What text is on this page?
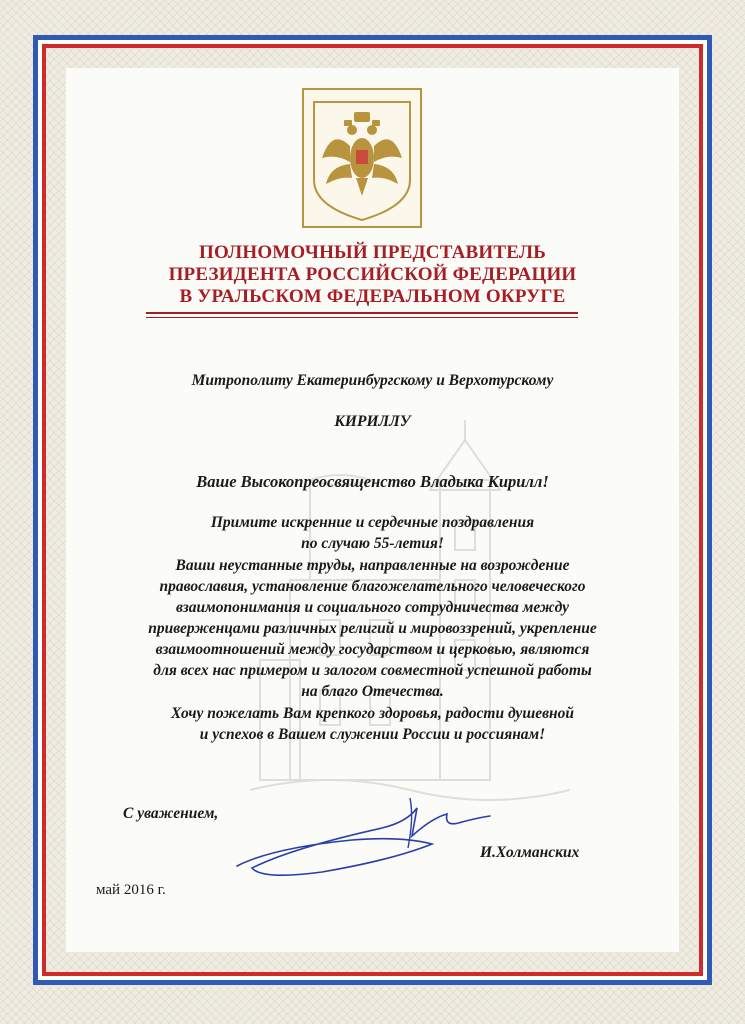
ПОЛНОМОЧНЫЙ ПРЕДСТАВИТЕЛЬ
ПРЕЗИДЕНТА РОССИЙСКОЙ ФЕДЕРАЦИИ
В УРАЛЬСКОМ ФЕДЕРАЛЬНОМ ОКРУГЕ
Митрополиту Екатеринбургскому и Верхотурскому
КИРИЛЛУ
Ваше Высокопреосвященство Владыка Кирилл!
Примите искренние и сердечные поздравления
по случаю 55-летия!
Ваши неустанные труды, направленные на возрождение
православия, установление благожелательного человеческого
взаимопонимания и социального сотрудничества между
приверженцами различных религий и мировоззрений, укрепление
взаимоотношений между государством и церковью, являются
для всех нас примером и залогом совместной успешной работы
на благо Отечества.
Хочу пожелать Вам крепкого здоровья, радости душевной
и успехов в Вашем служении России и россиянам!
С уважением,
И.Холманских
май 2016 г.
